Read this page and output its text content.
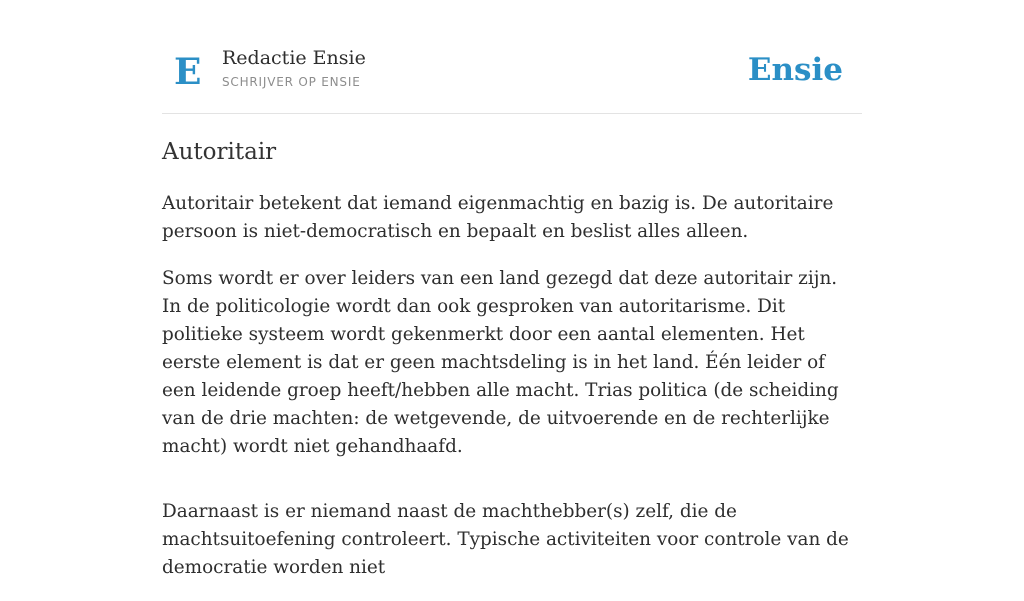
E Redactie Ensie
SCHRIJVER OP ENSIE	Ensie
Autoritair

Autoritair betekent dat iemand eigenmachtig en bazig is. De autoritaire persoon is niet-democratisch en bepaalt en beslist alles alleen.

Soms wordt er over leiders van een land gezegd dat deze autoritair zijn. In de politicologie wordt dan ook gesproken van autoritarisme. Dit politieke systeem wordt gekenmerkt door een aantal elementen. Het eerste element is dat er geen machtsdeling is in het land. Één leider of een leidende groep heeft/hebben alle macht. Trias politica (de scheiding van de drie machten: de wetgevende, de uitvoerende en de rechterlijke macht) wordt niet gehandhaafd.

Daarnaast is er niemand naast de machthebber(s) zelf, die de machtsuitoefening controleert. Typische activiteiten voor controle van de democratie worden niet
